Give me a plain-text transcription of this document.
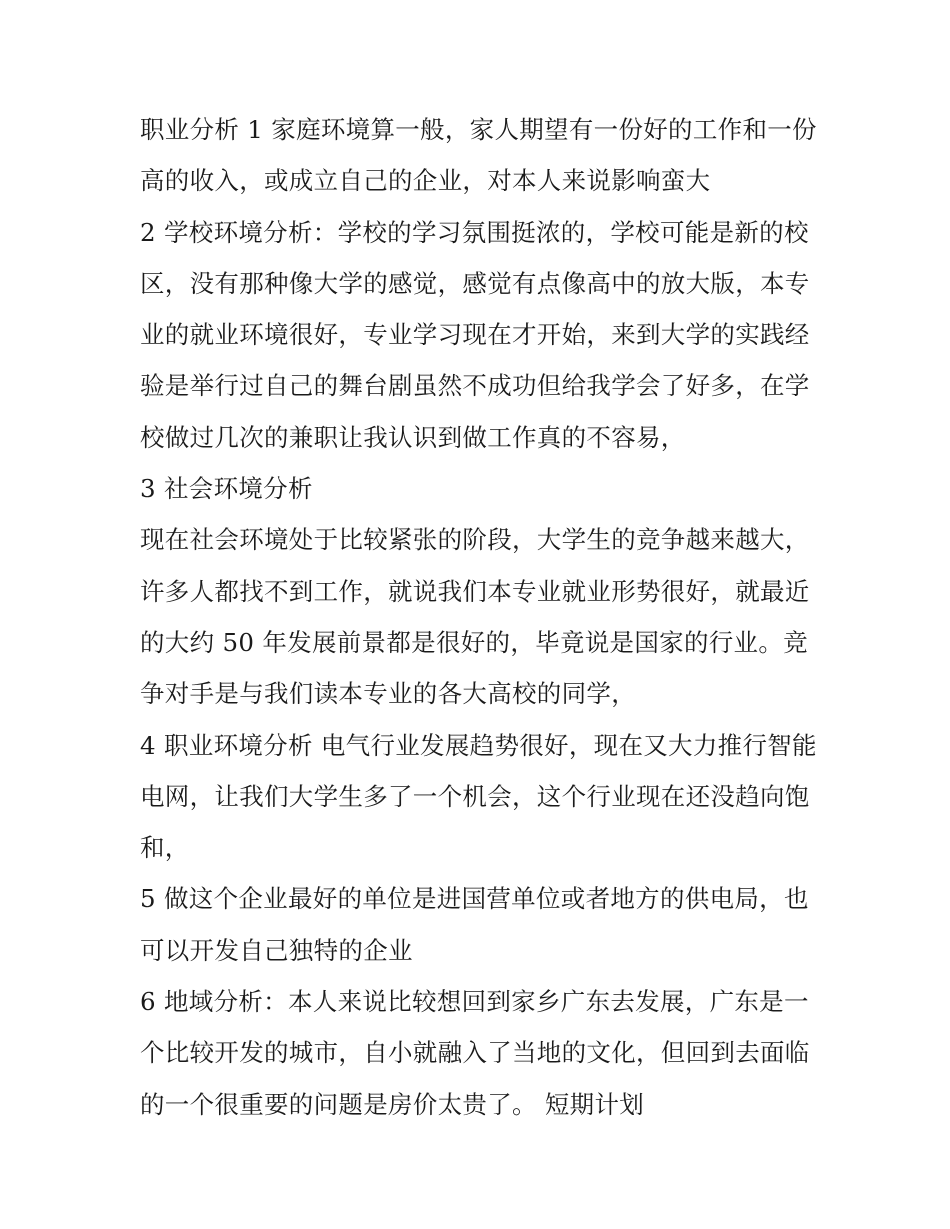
职业分析 1 家庭环境算一般，家人期望有一份好的工作和一份
高的收入，或成立自己的企业，对本人来说影响蛮大
2 学校环境分析：学校的学习氛围挺浓的，学校可能是新的校
区，没有那种像大学的感觉，感觉有点像高中的放大版，本专
业的就业环境很好，专业学习现在才开始，来到大学的实践经
验是举行过自己的舞台剧虽然不成功但给我学会了好多，在学
校做过几次的兼职让我认识到做工作真的不容易，
3 社会环境分析
现在社会环境处于比较紧张的阶段，大学生的竞争越来越大，
许多人都找不到工作，就说我们本专业就业形势很好，就最近
的大约 50 年发展前景都是很好的，毕竟说是国家的行业。竞
争对手是与我们读本专业的各大高校的同学，
4 职业环境分析 电气行业发展趋势很好，现在又大力推行智能
电网，让我们大学生多了一个机会，这个行业现在还没趋向饱
和，
5 做这个企业最好的单位是进国营单位或者地方的供电局，也
可以开发自己独特的企业
6 地域分析：本人来说比较想回到家乡广东去发展，广东是一
个比较开发的城市，自小就融入了当地的文化，但回到去面临
的一个很重要的问题是房价太贵了。 短期计划
